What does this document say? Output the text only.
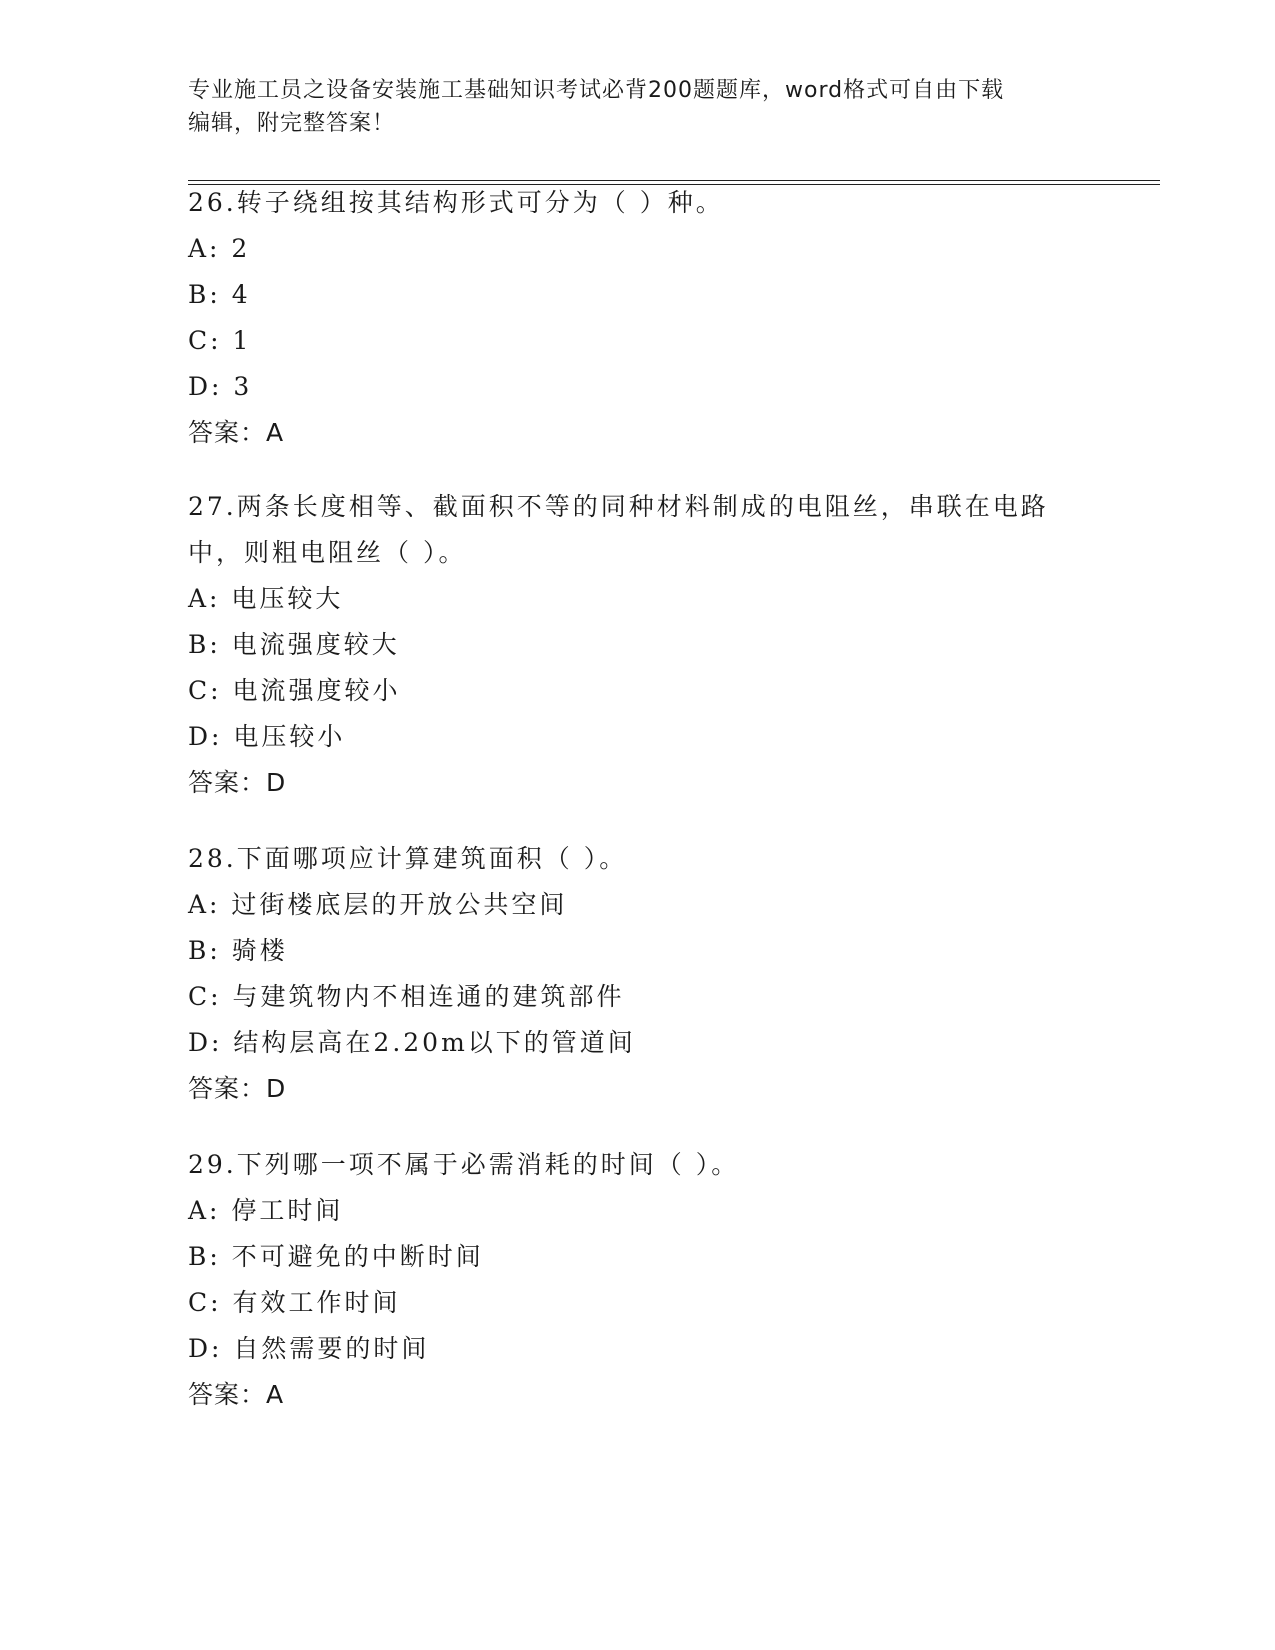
专业施工员之设备安装施工基础知识考试必背200题题库，word格式可自由下载
编辑，附完整答案！
26.转子绕组按其结构形式可分为（ ）种。
A: 2
B: 4
C: 1
D: 3
答案：A
27.两条长度相等、截面积不等的同种材料制成的电阻丝，串联在电路
中，则粗电阻丝（ ）。
A: 电压较大
B: 电流强度较大
C: 电流强度较小
D: 电压较小
答案：D
28.下面哪项应计算建筑面积（ ）。
A: 过街楼底层的开放公共空间
B: 骑楼
C: 与建筑物内不相连通的建筑部件
D: 结构层高在2.20m以下的管道间
答案：D
29.下列哪一项不属于必需消耗的时间（ ）。
A: 停工时间
B: 不可避免的中断时间
C: 有效工作时间
D: 自然需要的时间
答案：A
